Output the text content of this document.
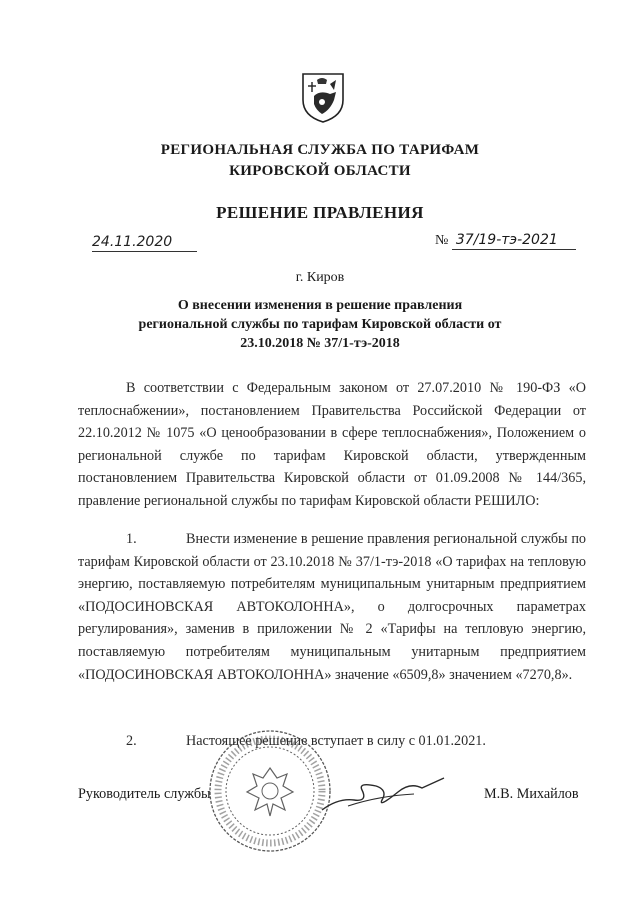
РЕГИОНАЛЬНАЯ СЛУЖБА ПО ТАРИФАМ
КИРОВСКОЙ ОБЛАСТИ
РЕШЕНИЕ ПРАВЛЕНИЯ
24.11.2020	№ 37/19-тэ-2021
г. Киров
О внесении изменения в решение правления
региональной службы по тарифам Кировской области от
23.10.2018 № 37/1-тэ-2018

В соответствии с Федеральным законом от 27.07.2010 № 190-ФЗ «О теплоснабжении», постановлением Правительства Российской Федерации от 22.10.2012 № 1075 «О ценообразовании в сфере теплоснабжения», Положением о региональной службе по тарифам Кировской области, утвержденным постановлением Правительства Кировской области от 01.09.2008 № 144/365, правление региональной службы по тарифам Кировской области РЕШИЛО:

1.	Внести изменение в решение правления региональной службы по тарифам Кировской области от 23.10.2018 № 37/1-тэ-2018 «О тарифах на тепловую энергию, поставляемую потребителям муниципальным унитарным предприятием «ПОДОСИНОВСКАЯ АВТОКОЛОННА», о долгосрочных параметрах регулирования», заменив в приложении № 2 «Тарифы на тепловую энергию, поставляемую потребителям муниципальным унитарным предприятием «ПОДОСИНОВСКАЯ АВТОКОЛОННА» значение «6509,8» значением «7270,8».

2.	Настоящее решение вступает в силу с 01.01.2021.

Руководитель службы	М.В. Михайлов
